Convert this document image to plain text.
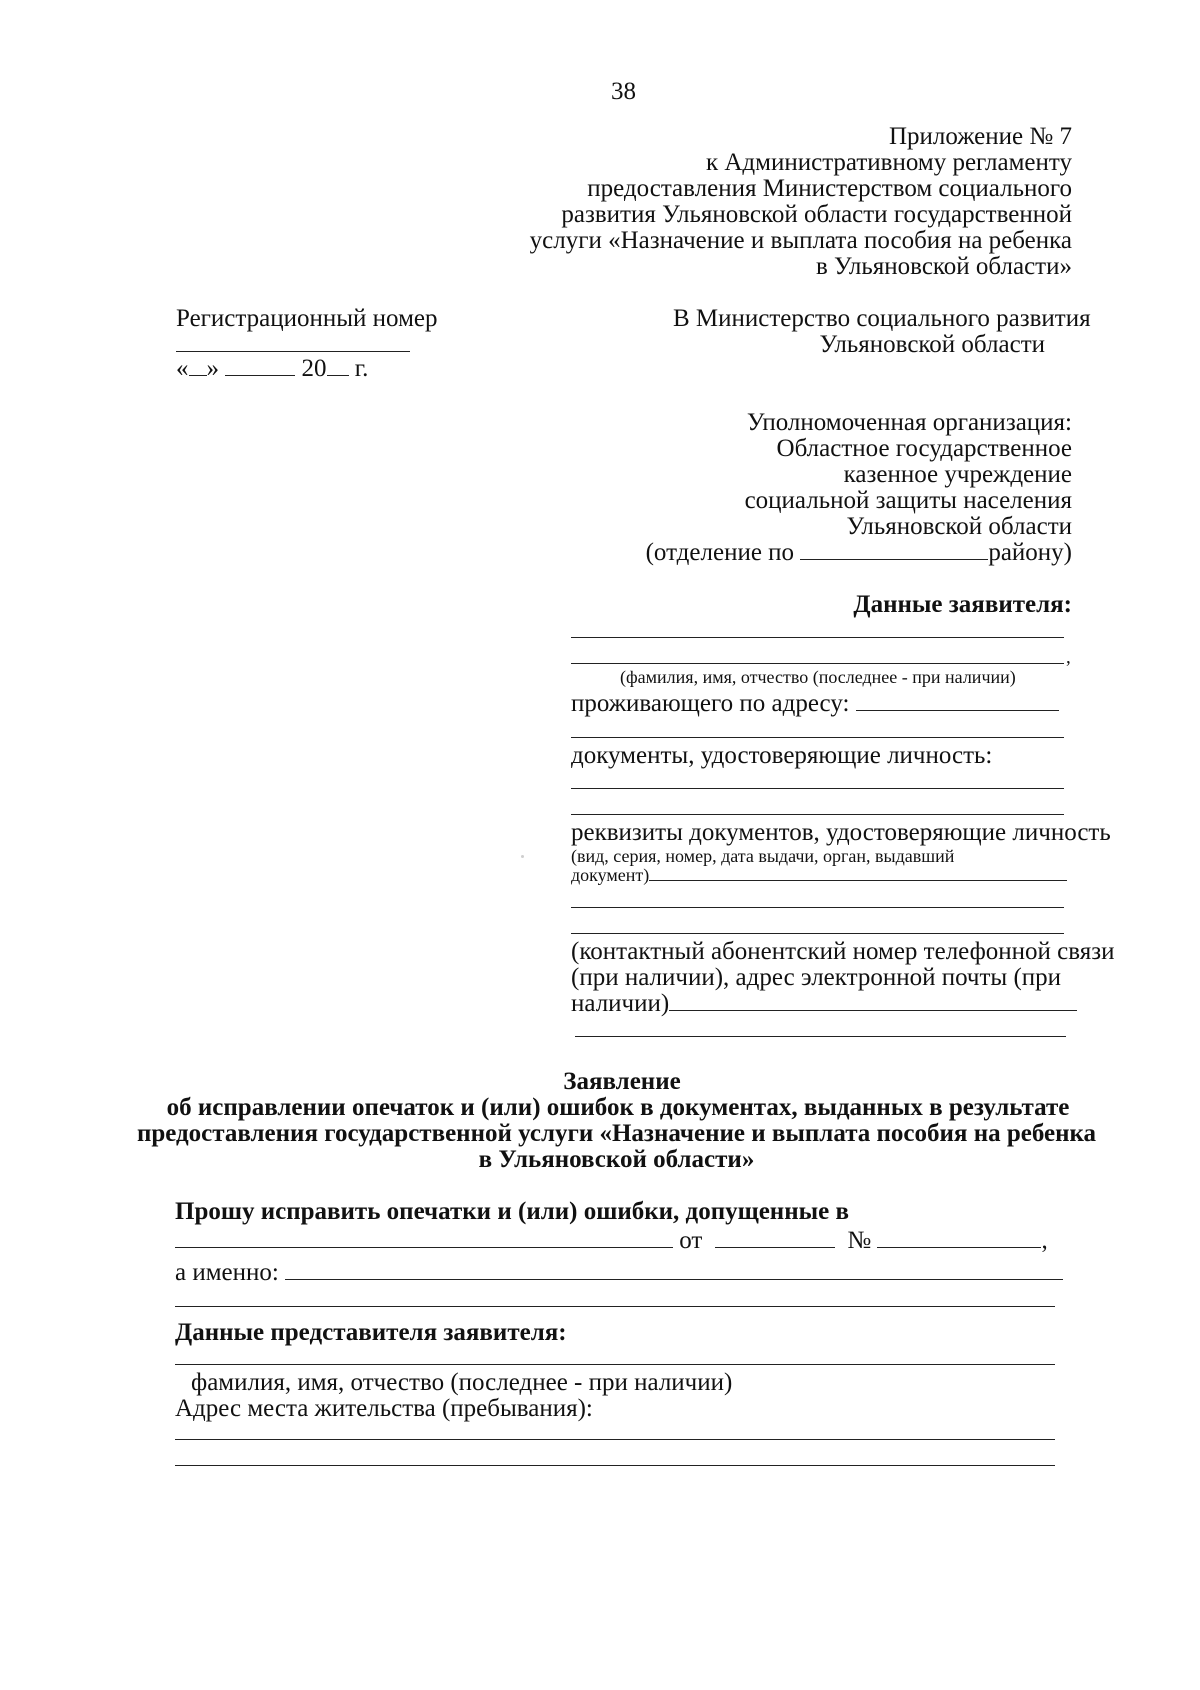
38
Приложение № 7
к Административному регламенту
предоставления Министерством социального
развития Ульяновской области государственной
услуги «Назначение и выплата пособия на ребенка
в Ульяновской области»
Регистрационный номер
« »	20 г.
В Министерство социального развития
Ульяновской области
Уполномоченная организация:
Областное государственное
казенное учреждение
социальной защиты населения
Ульяновской области
(отделение по	району)
Данные заявителя:
,
(фамилия, имя, отчество (последнее - при наличии)
проживающего по адресу:
документы, удостоверяющие личность:
реквизиты документов, удостоверяющие личность
(вид, серия, номер, дата выдачи, орган, выдавший
документ)
(контактный абонентский номер телефонной связи
(при наличии), адрес электронной почты (при
наличии)
Заявление
об исправлении опечаток и (или) ошибок в документах, выданных в результате
предоставления государственной услуги «Назначение и выплата пособия на ребенка
в Ульяновской области»
Прошу исправить опечатки и (или) ошибки, допущенные в
от	№	,
а именно:
Данные представителя заявителя:
фамилия, имя, отчество (последнее - при наличии)
Адрес места жительства (пребывания):
